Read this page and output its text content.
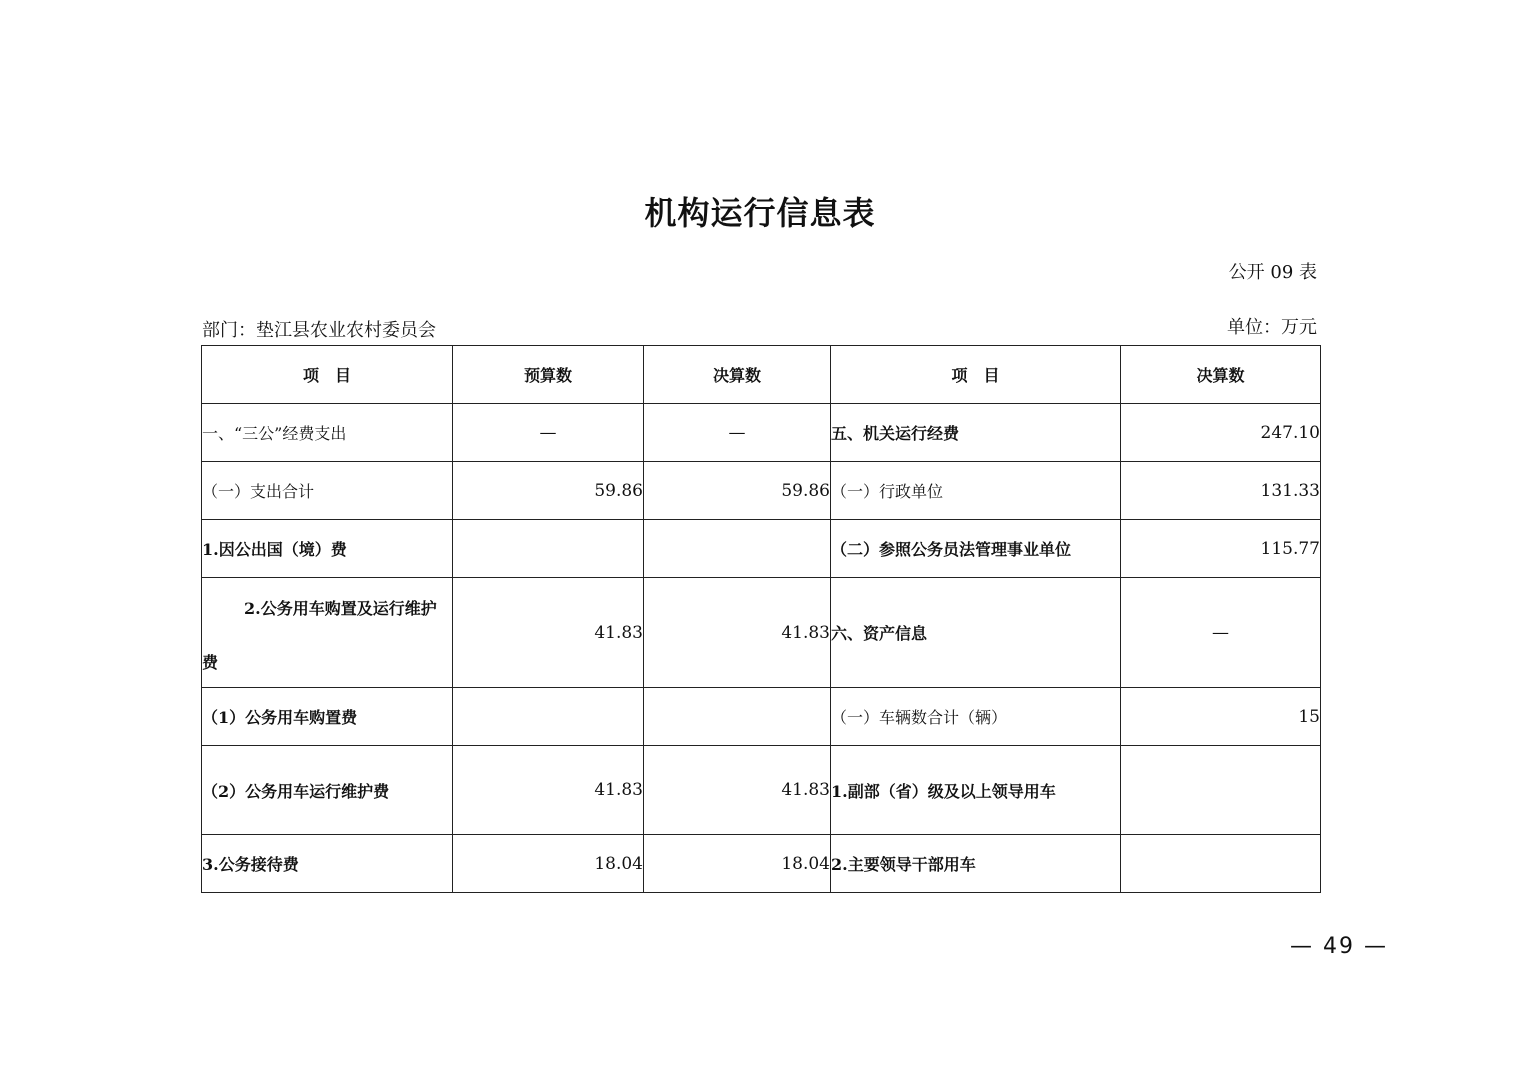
机构运行信息表
公开 09 表
部门：垫江县农业农村委员会	单位：万元
项　目	预算数	决算数	项　目	决算数
一、“三公”经费支出	—	—	五、机关运行经费	247.10
（一）支出合计	59.86	59.86	（一）行政单位	131.33
1.因公出国（境）费			（二）参照公务员法管理事业单位	115.77

2.公务用车购置及运行维护
费	41.83	41.83	六、资产信息	—
（1）公务用车购置费			（一）车辆数合计（辆）	15
（2）公务用车运行维护费	41.83	41.83	1.副部（省）级及以上领导用车	
3.公务接待费	18.04	18.04	2.主要领导干部用车	
— 49 —
